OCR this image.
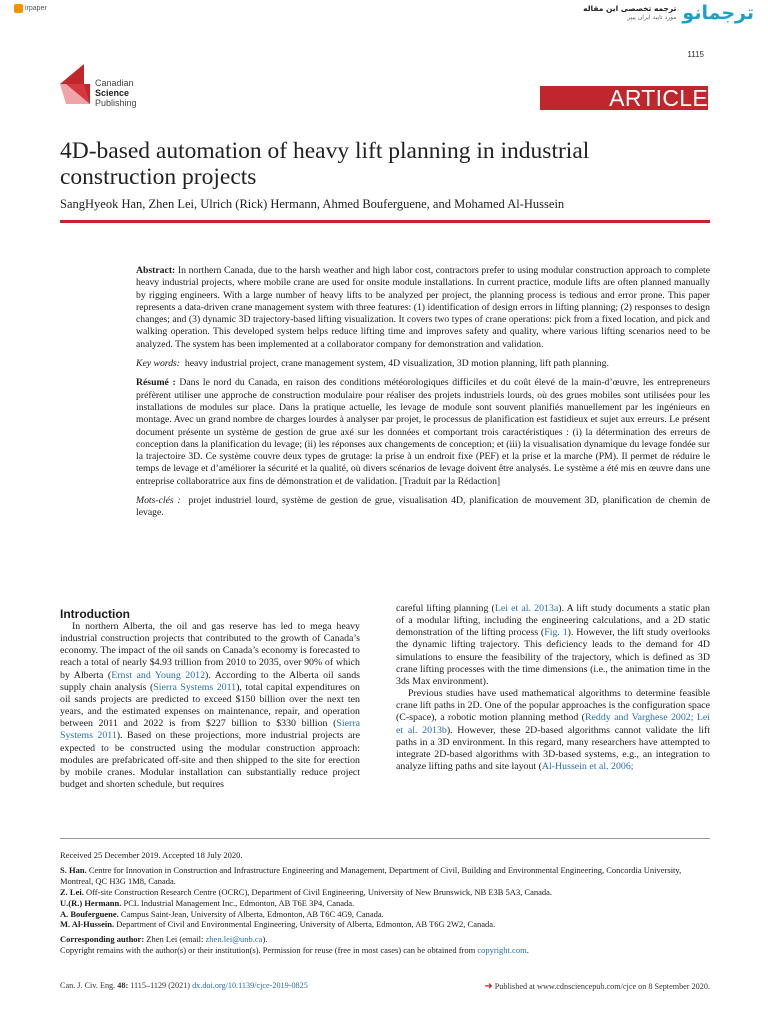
irpaper	ترجمه تخصصی این مقاله
مورد تایید ایران پیپر ترجمانو
1115
Canadian
Science
Publishing	ARTICLE
4D-based automation of heavy lift planning in industrial construction projects
SangHyeok Han, Zhen Lei, Ulrich (Rick) Hermann, Ahmed Bouferguene, and Mohamed Al-Hussein

Abstract: In northern Canada, due to the harsh weather and high labor cost, contractors prefer to using modular construction approach to complete heavy industrial projects, where mobile crane are used for onsite module installations. In current practice, module lifts are often planned manually by rigging engineers. With a large number of heavy lifts to be analyzed per project, the planning process is tedious and error prone. This paper represents a data-driven crane management system with three features: (1) identification of design errors in lifting planning; (2) responses to design changes; and (3) dynamic 3D trajectory-based lifting visualization. It covers two types of crane operations: pick from a fixed location, and pick and walking operation. This developed system helps reduce lifting time and improves safety and quality, where various lifting scenarios need to be analyzed. The system has been implemented at a collaborator company for demonstration and validation.

Key words: heavy industrial project, crane management system, 4D visualization, 3D motion planning, lift path planning.

Résumé : Dans le nord du Canada, en raison des conditions météorologiques difficiles et du coût élevé de la main-d’œuvre, les entrepreneurs préfèrent utiliser une approche de construction modulaire pour réaliser des projets industriels lourds, où des grues mobiles sont utilisées pour les installations de modules sur place. Dans la pratique actuelle, les levage de module sont souvent planifiés manuellement par les ingénieurs en montage. Avec un grand nombre de charges lourdes à analyser par projet, le processus de planification est fastidieux et sujet aux erreurs. Le présent document présente un système de gestion de grue axé sur les données et comportant trois caractéristiques : (i) la détermination des erreurs de conception dans la planification du levage; (ii) les réponses aux changements de conception; et (iii) la visualisation dynamique du levage fondée sur la trajectoire 3D. Ce système couvre deux types de grutage: la prise à un endroit fixe (PEF) et la prise et la marche (PM). Il permet de réduire le temps de levage et d’améliorer la sécurité et la qualité, où divers scénarios de levage doivent être analysés. Le système a été mis en œuvre dans une entreprise collaboratrice aux fins de démonstration et de validation. [Traduit par la Rédaction]

Mots-clés : projet industriel lourd, système de gestion de grue, visualisation 4D, planification de mouvement 3D, planification de chemin de levage.

Introduction

In northern Alberta, the oil and gas reserve has led to mega heavy industrial construction projects that contributed to the growth of Canada’s economy. The impact of the oil sands on Canada’s economy is forecasted to reach a total of nearly $4.93 trillion from 2010 to 2035, over 90% of which by Alberta (Ernst and Young 2012). According to the Alberta oil sands supply chain analysis (Sierra Systems 2011), total capital expenditures on oil sands projects are predicted to exceed $150 billion over the next ten years, and the estimated expenses on maintenance, repair, and operation between 2011 and 2022 is from $227 billion to $330 billion (Sierra Systems 2011). Based on these projections, more industrial projects are expected to be constructed using the modular construction approach: modules are prefabricated off-site and then shipped to the site for erection by mobile cranes. Modular installation can substantially reduce project budget and shorten schedule, but requires

careful lifting planning (Lei et al. 2013a). A lift study documents a static plan of a modular lifting, including the engineering calculations, and a 2D static demonstration of the lifting process (Fig. 1). However, the lift study overlooks the dynamic lifting trajectory. This deficiency leads to the demand for 4D simulations to ensure the feasibility of the trajectory, which is defined as 3D crane lifting processes with the time dimensions (i.e., the animation time in the 3ds Max environment).

Previous studies have used mathematical algorithms to determine feasible crane lift paths in 2D. One of the popular approaches is the configuration space (C-space), a robotic motion planning method (Reddy and Varghese 2002; Lei et al. 2013b). However, these 2D-based algorithms cannot validate the lift paths in a 3D environment. In this regard, many researchers have attempted to integrate 2D-based algorithms with 3D-based systems, e.g., an integration to analyze lifting paths and site layout (Al-Hussein et al. 2006;

Received 25 December 2019. Accepted 18 July 2020.

S. Han. Centre for Innovation in Construction and Infrastructure Engineering and Management, Department of Civil, Building and Environmental Engineering, Concordia University, Montreal, QC H3G 1M8, Canada.

Z. Lei. Off-site Construction Research Centre (OCRC), Department of Civil Engineering, University of New Brunswick, NB E3B 5A3, Canada.

U.(R.) Hermann. PCL Industrial Management Inc., Edmonton, AB T6E 3P4, Canada.

A. Bouferguene. Campus Saint-Jean, University of Alberta, Edmonton, AB T6C 4G9, Canada.

M. Al-Hussein. Department of Civil and Environmental Engineering, University of Alberta, Edmonton, AB T6G 2W2, Canada.

Corresponding author: Zhen Lei (email: zhen.lei@unb.ca).

Copyright remains with the author(s) or their institution(s). Permission for reuse (free in most cases) can be obtained from copyright.com.

Can. J. Civ. Eng. 48: 1115–1129 (2021) dx.doi.org/10.1139/cjce-2019-0825	➜ Published at www.cdnsciencepub.com/cjce on 8 September 2020.
